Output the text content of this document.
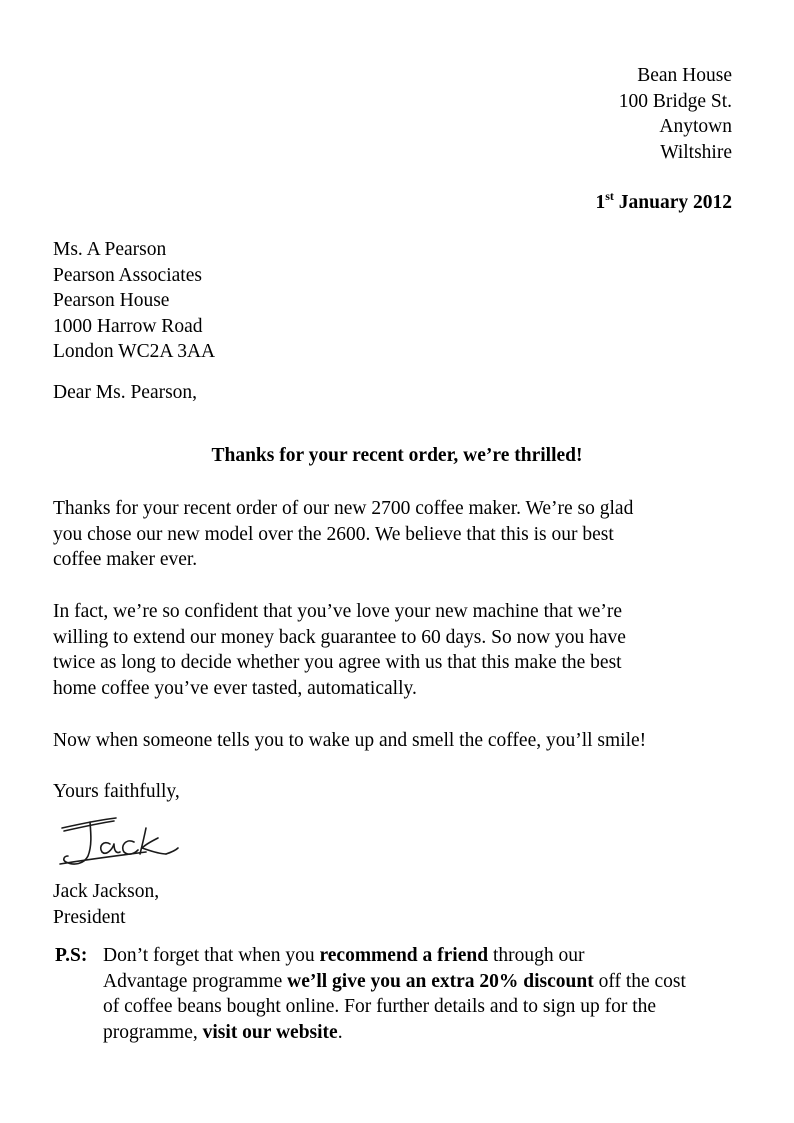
Bean House
100 Bridge St.
Anytown
Wiltshire
1st January 2012
Ms. A Pearson
Pearson Associates
Pearson House
1000 Harrow Road
London WC2A 3AA
Dear Ms. Pearson,
Thanks for your recent order, we’re thrilled!
Thanks for your recent order of our new 2700 coffee maker. We’re so glad
you chose our new model over the 2600. We believe that this is our best
coffee maker ever.
In fact, we’re so confident that you’ve love your new machine that we’re
willing to extend our money back guarantee to 60 days. So now you have
twice as long to decide whether you agree with us that this make the best
home coffee you’ve ever tasted, automatically.
Now when someone tells you to wake up and smell the coffee, you’ll smile!
Yours faithfully,
Jack Jackson,
President
P.S: Don’t forget that when you recommend a friend through our
Advantage programme we’ll give you an extra 20% discount off the cost
of coffee beans bought online. For further details and to sign up for the
programme, visit our website.
